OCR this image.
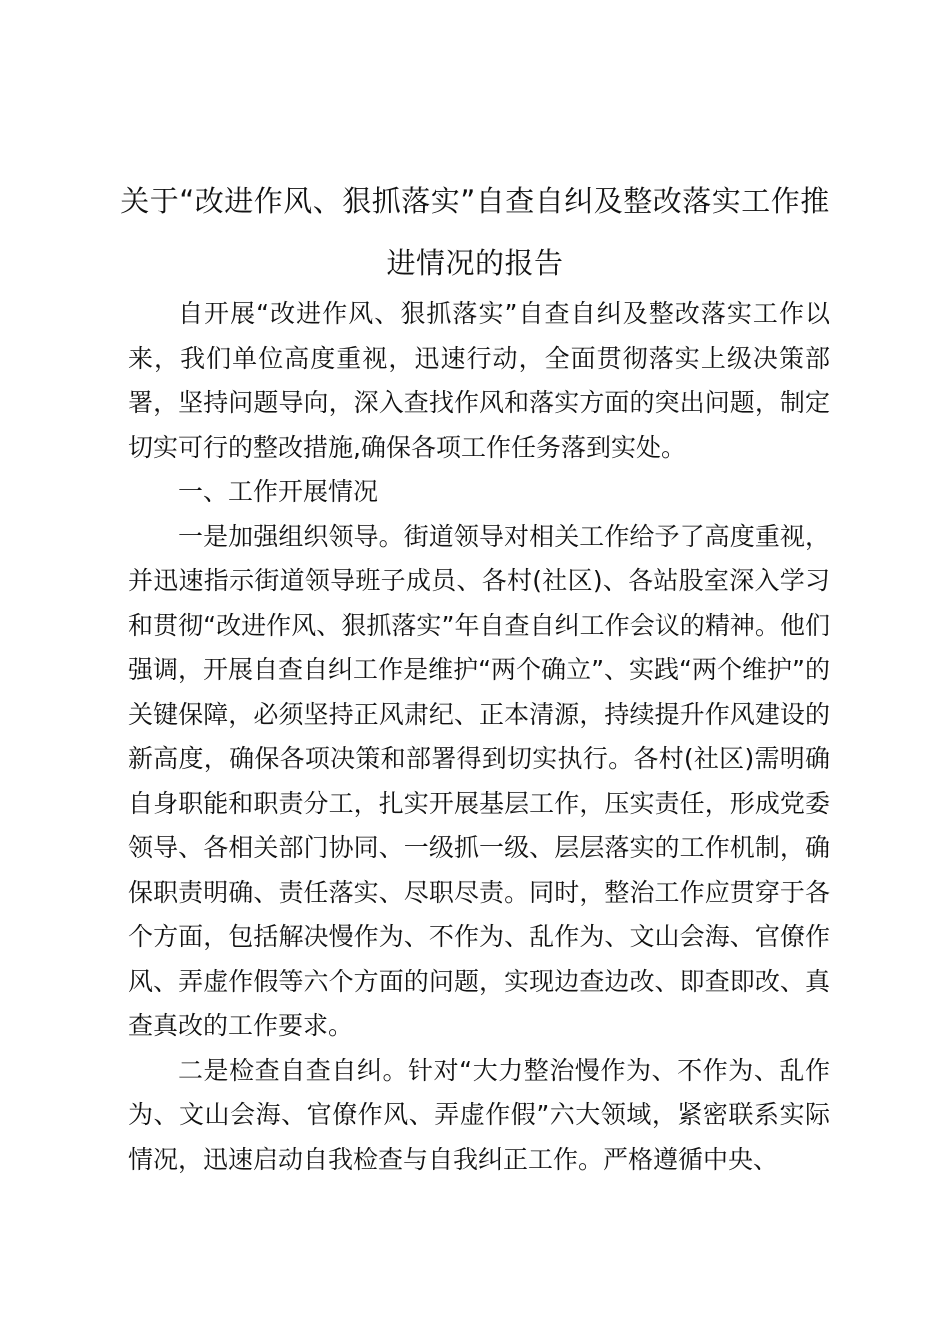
关于“改进作风、狠抓落实”自查自纠及整改落实工作推进情况的报告

自开展“改进作风、狠抓落实”自查自纠及整改落实工作以来，我们单位高度重视，迅速行动，全面贯彻落实上级决策部署，坚持问题导向，深入查找作风和落实方面的突出问题，制定切实可行的整改措施,确保各项工作任务落到实处。

一、工作开展情况

一是加强组织领导。街道领导对相关工作给予了高度重视，并迅速指示街道领导班子成员、各村(社区)、各站股室深入学习和贯彻“改进作风、狠抓落实”年自查自纠工作会议的精神。他们强调，开展自查自纠工作是维护“两个确立”、实践“两个维护”的关键保障，必须坚持正风肃纪、正本清源，持续提升作风建设的新高度，确保各项决策和部署得到切实执行。各村(社区)需明确自身职能和职责分工，扎实开展基层工作，压实责任，形成党委领导、各相关部门协同、一级抓一级、层层落实的工作机制，确保职责明确、责任落实、尽职尽责。同时，整治工作应贯穿于各个方面，包括解决慢作为、不作为、乱作为、文山会海、官僚作风、弄虚作假等六个方面的问题，实现边查边改、即查即改、真查真改的工作要求。

二是检查自查自纠。针对“大力整治慢作为、不作为、乱作为、文山会海、官僚作风、弄虚作假”六大领域，紧密联系实际情况，迅速启动自我检查与自我纠正工作。严格遵循中央、
